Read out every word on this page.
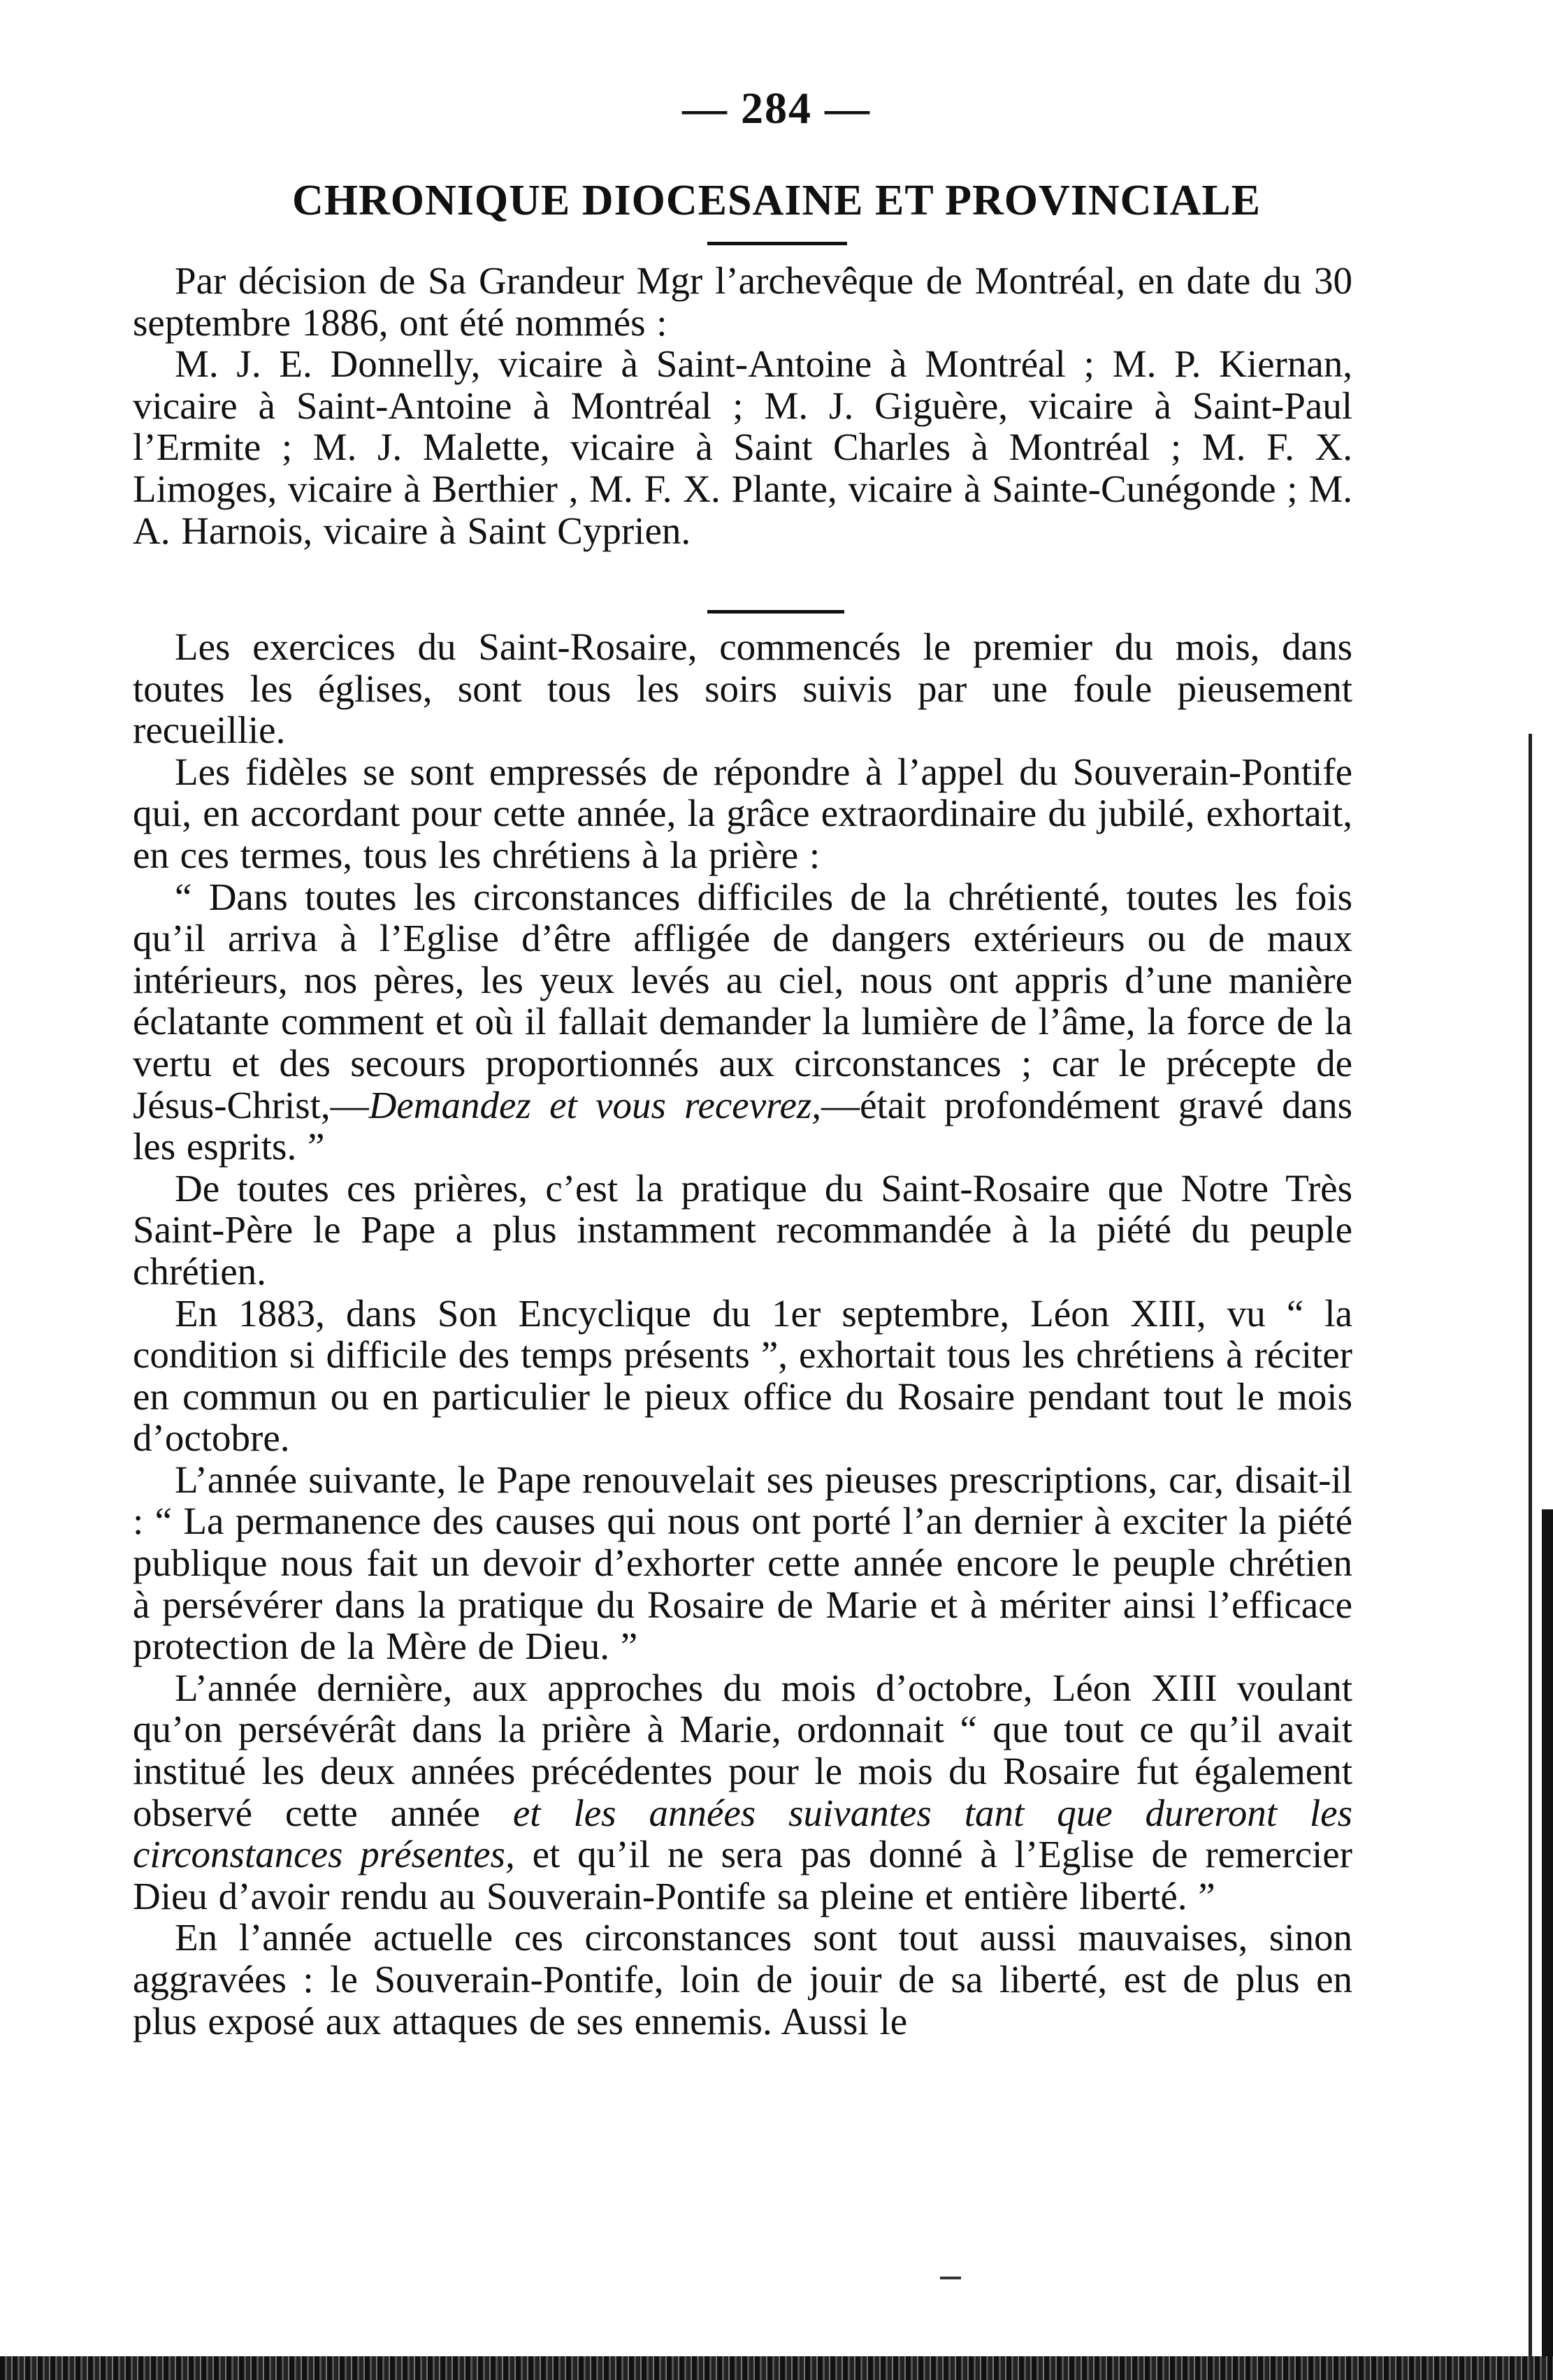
— 284 —
CHRONIQUE DIOCESAINE ET PROVINCIALE

Par décision de Sa Grandeur Mgr l’archevêque de Montréal, en date du 30 septembre 1886, ont été nommés :

M. J. E. Donnelly, vicaire à Saint-Antoine à Montréal ; M. P. Kiernan, vicaire à Saint-Antoine à Montréal ; M. J. Giguère, vicaire à Saint-Paul l’Ermite ; M. J. Malette, vicaire à Saint Charles à Montréal ; M. F. X. Limoges, vicaire à Berthier , M. F. X. Plante, vicaire à Sainte-Cunégonde ; M. A. Harnois, vicaire à Saint Cyprien.

Les exercices du Saint-Rosaire, commencés le premier du mois, dans toutes les églises, sont tous les soirs suivis par une foule pieusement recueillie.

Les fidèles se sont empressés de répondre à l’appel du Souverain-Pontife qui, en accordant pour cette année, la grâce extraordinaire du jubilé, exhortait, en ces termes, tous les chrétiens à la prière :

“ Dans toutes les circonstances difficiles de la chrétienté, toutes les fois qu’il arriva à l’Eglise d’être affligée de dangers extérieurs ou de maux intérieurs, nos pères, les yeux levés au ciel, nous ont appris d’une manière éclatante comment et où il fallait demander la lumière de l’âme, la force de la vertu et des secours proportionnés aux circonstances ; car le précepte de Jésus-Christ,—Demandez et vous recevrez,—était profondément gravé dans les esprits. ”

De toutes ces prières, c’est la pratique du Saint-Rosaire que Notre Très Saint-Père le Pape a plus instamment recommandée à la piété du peuple chrétien.

En 1883, dans Son Encyclique du 1er septembre, Léon XIII, vu “ la condition si difficile des temps présents ”, exhortait tous les chrétiens à réciter en commun ou en particulier le pieux office du Rosaire pendant tout le mois d’octobre.

L’année suivante, le Pape renouvelait ses pieuses prescriptions, car, disait-il : “ La permanence des causes qui nous ont porté l’an dernier à exciter la piété publique nous fait un devoir d’exhorter cette année encore le peuple chrétien à persévérer dans la pratique du Rosaire de Marie et à mériter ainsi l’efficace protection de la Mère de Dieu. ”

L’année dernière, aux approches du mois d’octobre, Léon XIII voulant qu’on persévérât dans la prière à Marie, ordonnait “ que tout ce qu’il avait institué les deux années précédentes pour le mois du Rosaire fut également observé cette année et les années suivantes tant que dureront les circonstances présentes, et qu’il ne sera pas donné à l’Eglise de remercier Dieu d’avoir rendu au Souverain-Pontife sa pleine et entière liberté. ”

En l’année actuelle ces circonstances sont tout aussi mauvaises, sinon aggravées : le Souverain-Pontife, loin de jouir de sa liberté, est de plus en plus exposé aux attaques de ses ennemis. Aussi le
